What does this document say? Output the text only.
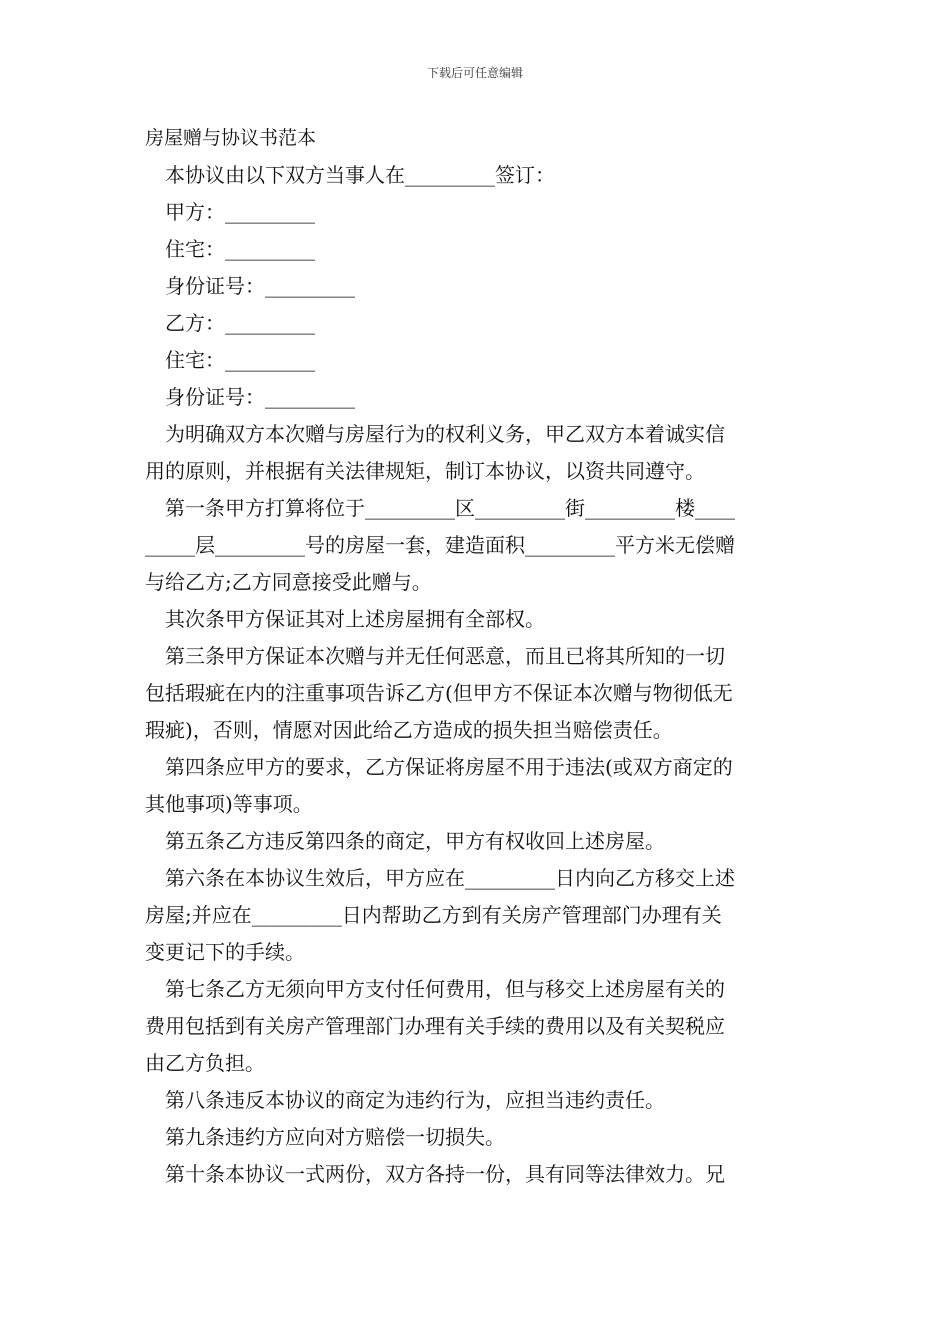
下载后可任意编辑
房屋赠与协议书范本
本协议由以下双方当事人在_________签订：
甲方：_________
住宅：_________
身份证号：_________
乙方：_________
住宅：_________
身份证号：_________
为明确双方本次赠与房屋行为的权利义务，甲乙双方本着诚实信
用的原则，并根据有关法律规矩，制订本协议，以资共同遵守。
第一条甲方打算将位于_________区_________街_________楼____
_____层_________号的房屋一套，建造面积_________平方米无偿赠
与给乙方;乙方同意接受此赠与。
其次条甲方保证其对上述房屋拥有全部权。
第三条甲方保证本次赠与并无任何恶意，而且已将其所知的一切
包括瑕疵在内的注重事项告诉乙方(但甲方不保证本次赠与物彻低无
瑕疵)，否则，情愿对因此给乙方造成的损失担当赔偿责任。
第四条应甲方的要求，乙方保证将房屋不用于违法(或双方商定的
其他事项)等事项。
第五条乙方违反第四条的商定，甲方有权收回上述房屋。
第六条在本协议生效后，甲方应在_________日内向乙方移交上述
房屋;并应在_________日内帮助乙方到有关房产管理部门办理有关
变更记下的手续。
第七条乙方无须向甲方支付任何费用，但与移交上述房屋有关的
费用包括到有关房产管理部门办理有关手续的费用以及有关契税应
由乙方负担。
第八条违反本协议的商定为违约行为，应担当违约责任。
第九条违约方应向对方赔偿一切损失。
第十条本协议一式两份，双方各持一份，具有同等法律效力。兄
